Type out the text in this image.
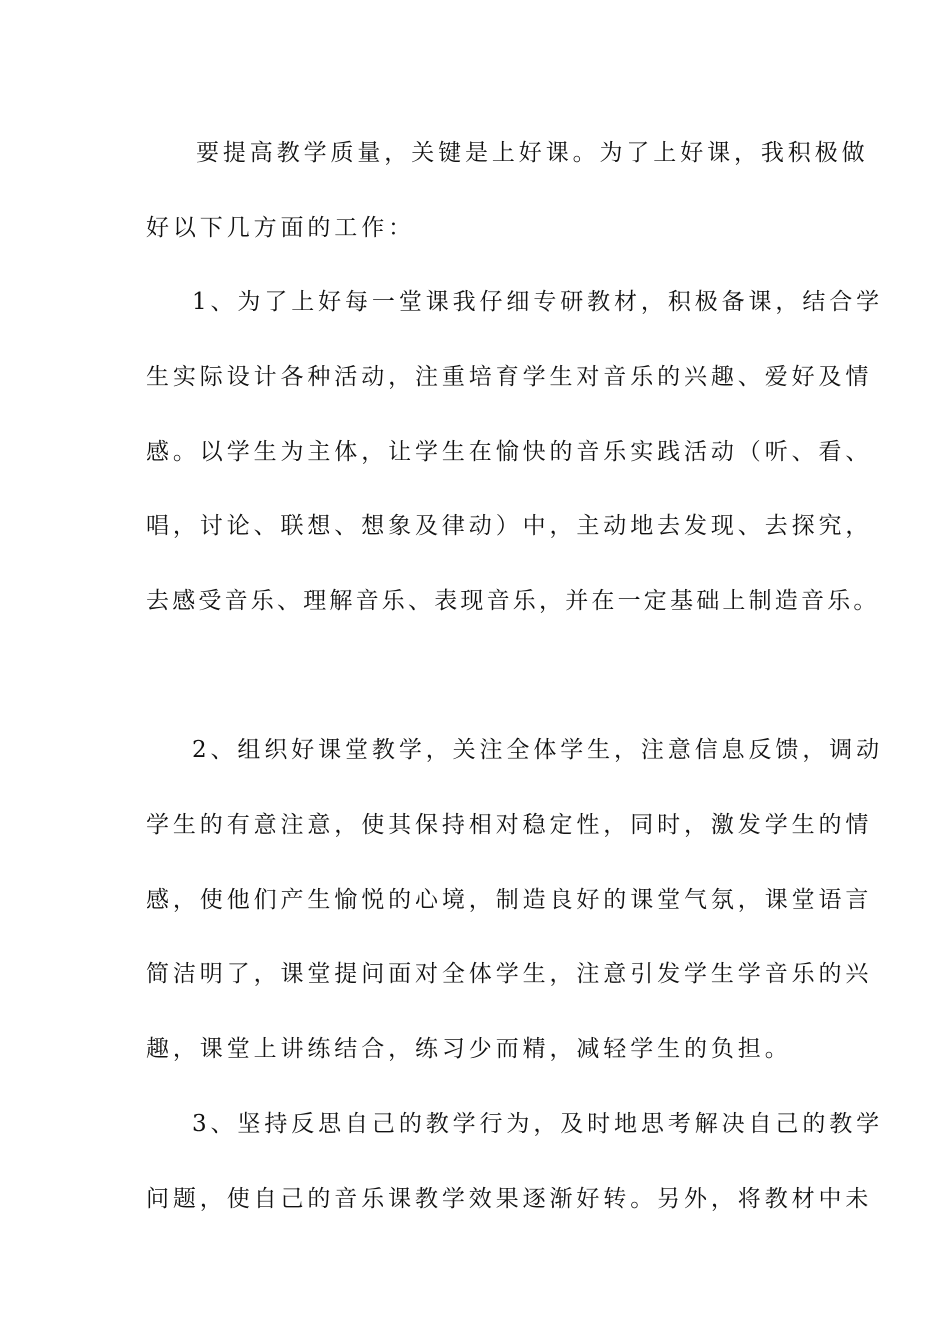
要提高教学质量，关键是上好课。为了上好课，我积极做
好以下几方面的工作：
1、为了上好每一堂课我仔细专研教材，积极备课，结合学
生实际设计各种活动，注重培育学生对音乐的兴趣、爱好及情
感。以学生为主体，让学生在愉快的音乐实践活动（听、看、
唱，讨论、联想、想象及律动）中，主动地去发现、去探究，
去感受音乐、理解音乐、表现音乐，并在一定基础上制造音乐。
2、组织好课堂教学，关注全体学生，注意信息反馈，调动
学生的有意注意，使其保持相对稳定性，同时，激发学生的情
感，使他们产生愉悦的心境，制造良好的课堂气氛，课堂语言
简洁明了，课堂提问面对全体学生，注意引发学生学音乐的兴
趣，课堂上讲练结合，练习少而精，减轻学生的负担。
3、坚持反思自己的教学行为，及时地思考解决自己的教学
问题，使自己的音乐课教学效果逐渐好转。另外，将教材中未
